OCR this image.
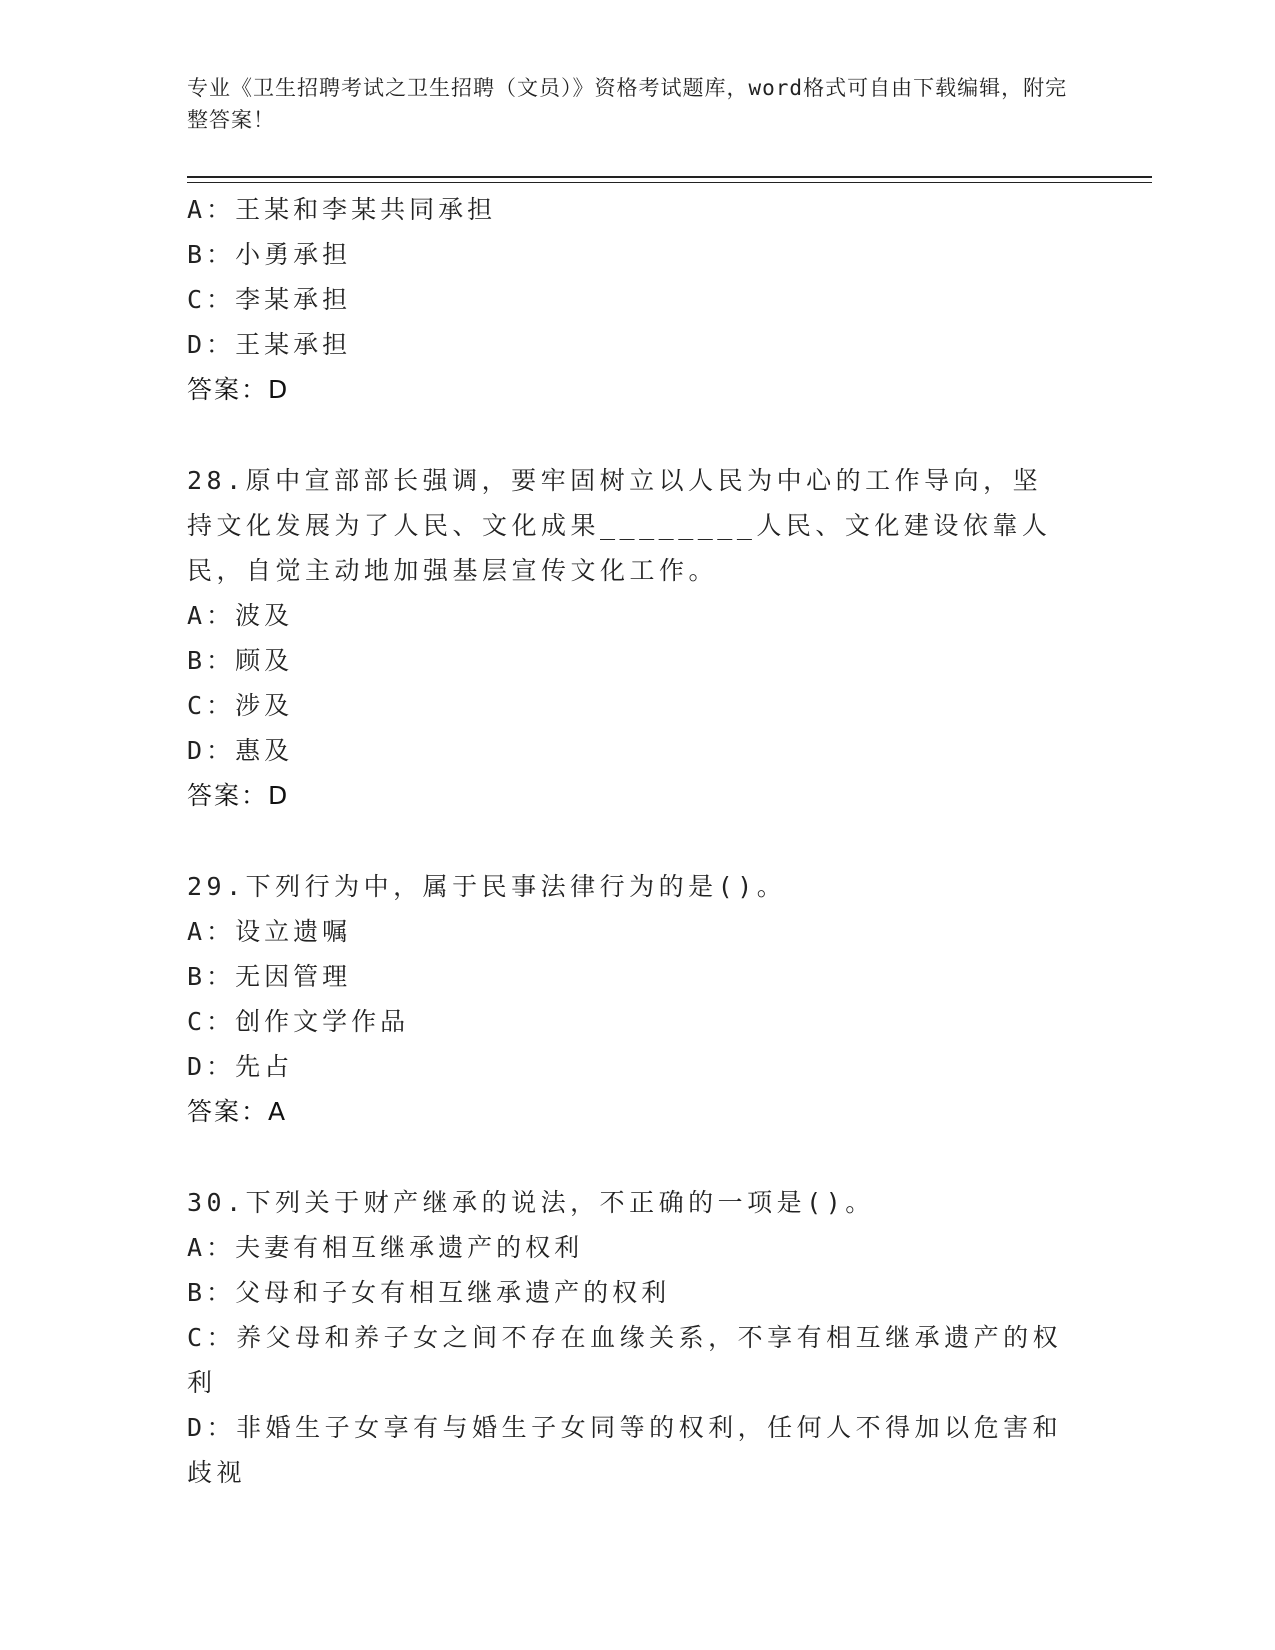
专业《卫生招聘考试之卫生招聘（文员）》资格考试题库，word格式可自由下载编辑，附完整答案！
A：王某和李某共同承担
B：小勇承担
C：李某承担
D：王某承担
答案：D
28.原中宣部部长强调，要牢固树立以人民为中心的工作导向，坚持文化发展为了人民、文化成果________人民、文化建设依靠人民，自觉主动地加强基层宣传文化工作。
A：波及
B：顾及
C：涉及
D：惠及
答案：D
29.下列行为中，属于民事法律行为的是()。
A：设立遗嘱
B：无因管理
C：创作文学作品
D：先占
答案：A
30.下列关于财产继承的说法，不正确的一项是()。
A：夫妻有相互继承遗产的权利
B：父母和子女有相互继承遗产的权利
C：养父母和养子女之间不存在血缘关系，不享有相互继承遗产的权利
D：非婚生子女享有与婚生子女同等的权利，任何人不得加以危害和歧视
